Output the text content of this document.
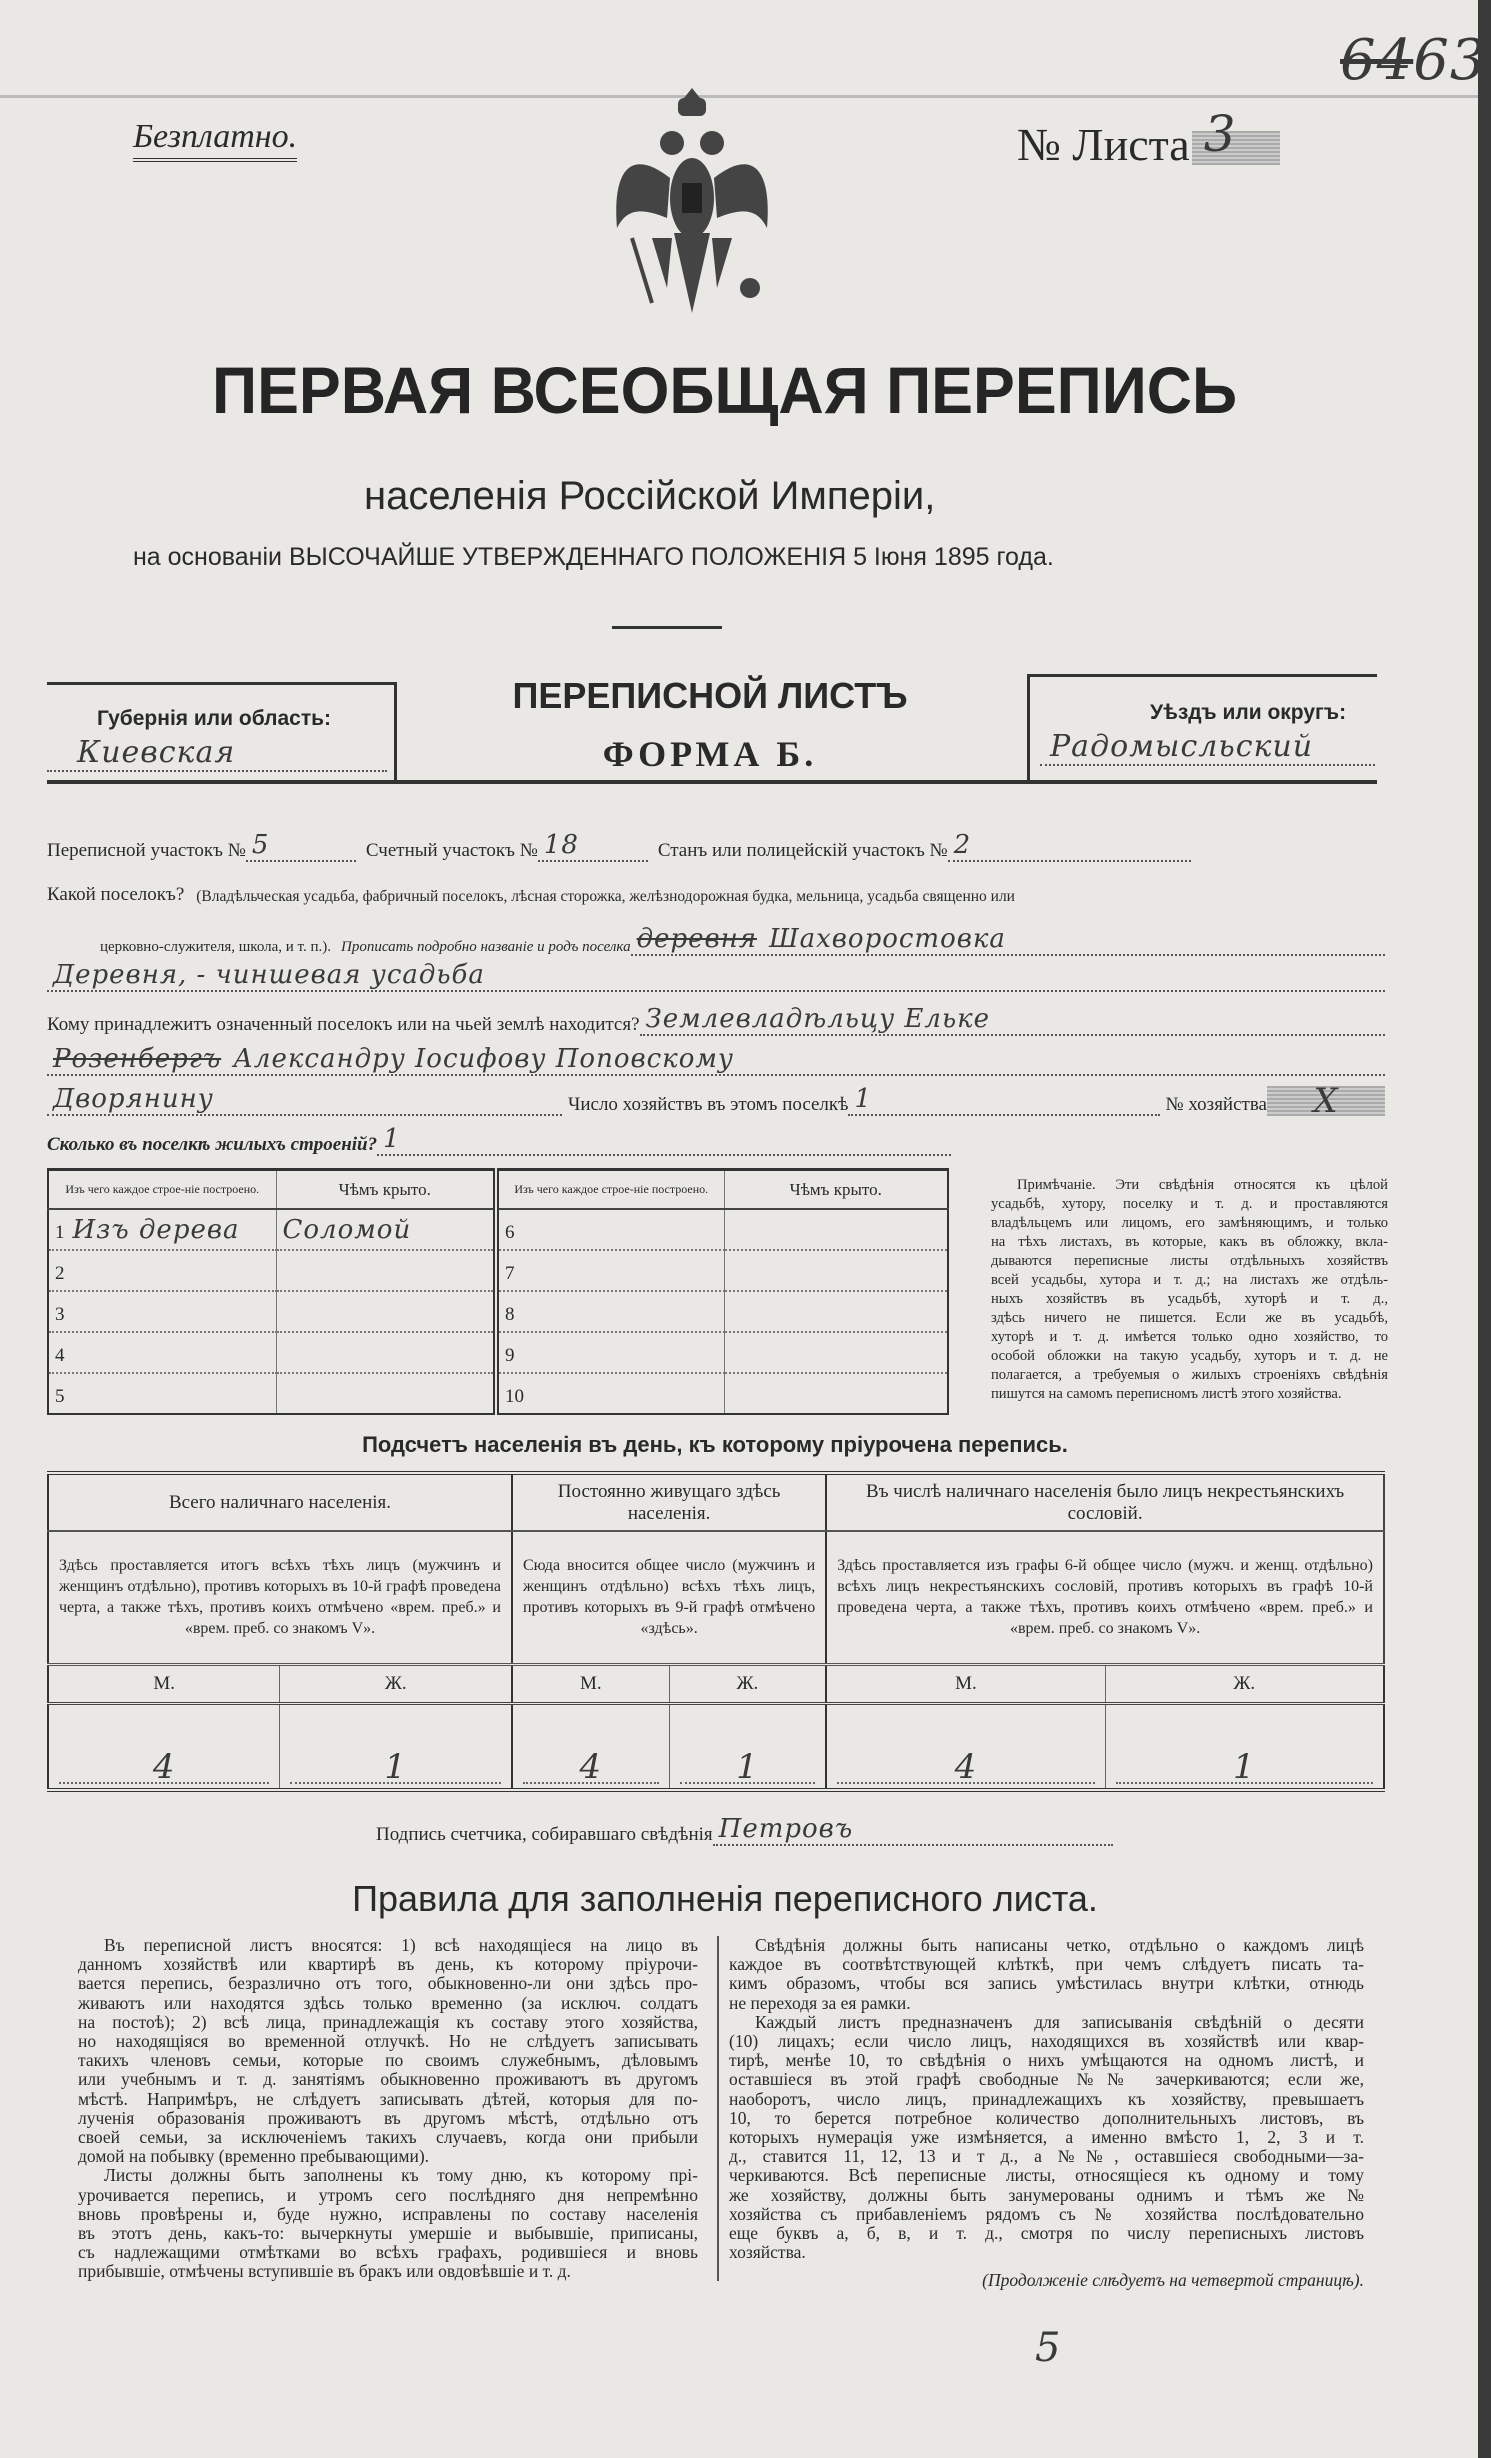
Безплатно.	№ Листа 3
6463
ПЕРВАЯ ВСЕОБЩАЯ ПЕРЕПИСЬ
населенія Россійской Имперіи,
на основаніи ВЫСОЧАЙШЕ УТВЕРЖДЕННАГО ПОЛОЖЕНІЯ 5 Іюня 1895 года.
Губернія или область:
Киевская
ПЕРЕПИСНОЙ ЛИСТЪ
ФОРМА Б.
Уѣздъ или округъ:
Радомысльский
Переписной участокъ № 5	Счетный участокъ № 18	Станъ или полицейскій участокъ № 2
Какой поселокъ? (Владѣльческая усадьба, фабричный поселокъ, лѣсная сторожка, желѣзнодорожная будка, мельница, усадьба священно или
церковно-служителя, школа, и т. п.). Прописать подробно названіе и родъ поселка деревня Шахворостовка
Деревня, - чиншевая усадьба
Кому принадлежитъ означенный поселокъ или на чьей землѣ находится? Землевладѣльцу Ельке
Розенбергъ Александру Іосифову Поповскому
Дворянину	Число хозяйствъ въ этомъ поселкѣ 1	№ хозяйства	Х
Сколько въ поселкѣ жилыхъ строеній? 1
Изъ чего каждое строе-ніе построено.	Чѣмъ крыто.	Изъ чего каждое строе-ніе построено.	Чѣмъ крыто.
1 Изъ дерева	Соломой	6	
2		7	
3		8	
4		9	
5		10	
Примѣчаніе. Эти свѣдѣнія относятся къ цѣлой
усадьбѣ, хутору, поселку и т. д. и проставляются
владѣльцемъ или лицомъ, его замѣняющимъ, и только
на тѣхъ листахъ, въ которые, какъ въ обложку, вкла-
дываются переписные листы отдѣльныхъ хозяйствъ
всей усадьбы, хутора и т. д.; на листахъ же отдѣль-
ныхъ хозяйствъ въ усадьбѣ, хуторѣ и т. д.,
здѣсь ничего не пишется. Если же въ усадьбѣ,
хуторѣ и т. д. имѣется только одно хозяйство, то
особой обложки на такую усадьбу, хуторъ и т. д. не
полагается, а требуемыя о жилыхъ строеніяхъ свѣдѣнія
пишутся на самомъ переписномъ листѣ этого хозяйства.
Подсчетъ населенія въ день, къ которому пріурочена перепись.
Всего наличнаго населенія.		Постоянно живущаго здѣсь населенія.		Въ числѣ наличнаго населенія было лицъ некрестьянскихъ сословій.	
Здѣсь проставляется итогъ всѣхъ тѣхъ лицъ (мужчинъ и женщинъ отдѣльно), противъ которыхъ въ 10-й графѣ проведена черта, а также тѣхъ, противъ коихъ отмѣчено «врем. преб.» и «врем. преб. со знакомъ V».		Сюда вносится общее число (мужчинъ и женщинъ отдѣльно) всѣхъ тѣхъ лицъ, противъ которыхъ въ 9-й графѣ отмѣчено «здѣсь».		Здѣсь проставляется изъ графы 6-й общее число (мужч. и женщ. отдѣльно) всѣхъ лицъ некрестьянскихъ сословій, противъ которыхъ въ графѣ 10-й проведена черта, а также тѣхъ, противъ коихъ отмѣчено «врем. преб.» и «врем. преб. со знакомъ V».	
М.	Ж.	М.	Ж.	М.	Ж.

4	1	4	1	4	1
Подпись счетчика, собиравшаго свѣдѣнія Петровъ
Правила для заполненія переписного листа.
Въ переписной листъ вносятся: 1) всѣ находящіеся на лицо въ
данномъ хозяйствѣ или квартирѣ въ день, къ которому пріурочи-
вается перепись, безразлично отъ того, обыкновенно-ли они здѣсь про-
живаютъ или находятся здѣсь только временно (за исключ. солдатъ
на постоѣ); 2) всѣ лица, принадлежащія къ составу этого хозяйства,
но находящіяся во временной отлучкѣ. Но не слѣдуетъ записывать
такихъ членовъ семьи, которые по своимъ служебнымъ, дѣловымъ
или учебнымъ и т. д. занятіямъ обыкновенно проживаютъ въ другомъ
мѣстѣ. Напримѣръ, не слѣдуетъ записывать дѣтей, которыя для по-
лученія образованія проживаютъ въ другомъ мѣстѣ, отдѣльно отъ
своей семьи, за исключеніемъ такихъ случаевъ, когда они прибыли
домой на побывку (временно пребывающими).
Листы должны быть заполнены къ тому дню, къ которому прі-
урочивается перепись, и утромъ сего послѣдняго дня непремѣнно
вновь провѣрены и, буде нужно, исправлены по составу населенія
въ этотъ день, какъ-то: вычеркнуты умершіе и выбывшіе, приписаны,
съ надлежащими отмѣтками во всѣхъ графахъ, родившіеся и вновь
прибывшіе, отмѣчены вступившіе въ бракъ или овдовѣвшіе и т. д.
Свѣдѣнія должны быть написаны четко, отдѣльно о каждомъ лицѣ
каждое въ соотвѣтствующей клѣткѣ, при чемъ слѣдуетъ писать та-
кимъ образомъ, чтобы вся запись умѣстилась внутри клѣтки, отнюдь
не переходя за ея рамки.
Каждый листъ предназначенъ для записыванія свѣдѣній о десяти
(10) лицахъ; если число лицъ, находящихся въ хозяйствѣ или квар-
тирѣ, менѣе 10, то свѣдѣнія о нихъ умѣщаются на одномъ листѣ, и
оставшіеся въ этой графѣ свободные №№ зачеркиваются; если же,
наоборотъ, число лицъ, принадлежащихъ къ хозяйству, превышаетъ
10, то берется потребное количество дополнительныхъ листовъ, въ
которыхъ нумерація уже измѣняется, а именно вмѣсто 1, 2, 3 и т.
д., ставится 11, 12, 13 и т д., а №№, оставшіеся свободными—за-
черкиваются. Всѣ переписные листы, относящіеся къ одному и тому
же хозяйству, должны быть занумерованы однимъ и тѣмъ же №
хозяйства съ прибавленіемъ рядомъ съ № хозяйства послѣдовательно
еще буквъ а, б, в, и т. д., смотря по числу переписныхъ листовъ
хозяйства.
(Продолженіе слѣдуетъ на четвертой страницѣ).
5
